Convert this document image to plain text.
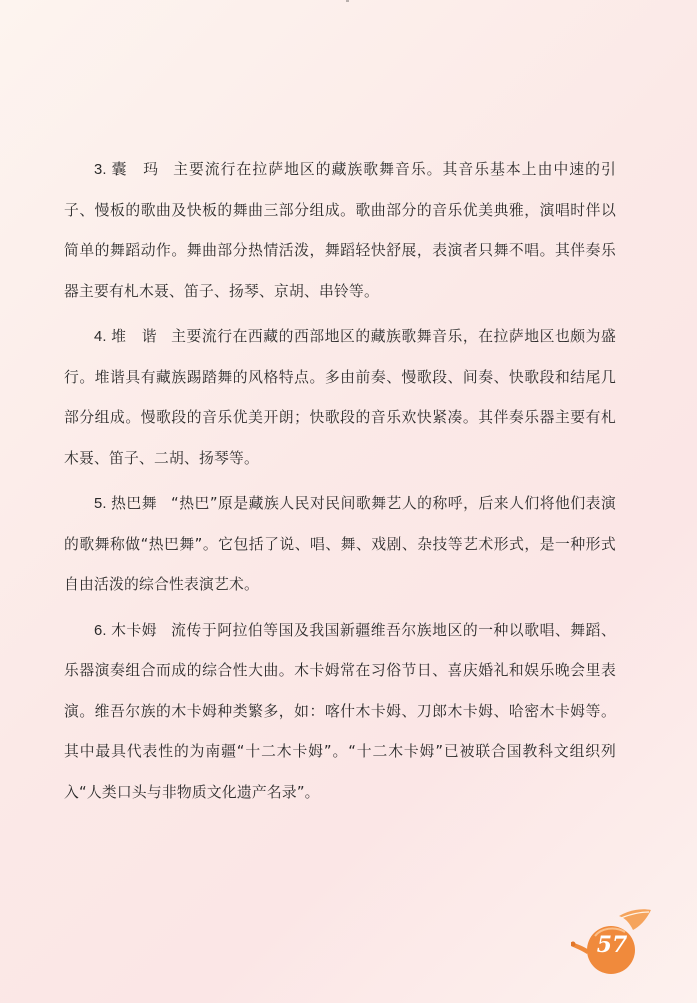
3. 囊　玛 主要流行在拉萨地区的藏族歌舞音乐。其音乐基本上由中速的引子、慢板的歌曲及快板的舞曲三部分组成。歌曲部分的音乐优美典雅，演唱时伴以简单的舞蹈动作。舞曲部分热情活泼，舞蹈轻快舒展，表演者只舞不唱。其伴奏乐器主要有札木聂、笛子、扬琴、京胡、串铃等。

4. 堆　谐 主要流行在西藏的西部地区的藏族歌舞音乐，在拉萨地区也颇为盛行。堆谐具有藏族踢踏舞的风格特点。多由前奏、慢歌段、间奏、快歌段和结尾几部分组成。慢歌段的音乐优美开朗；快歌段的音乐欢快紧凑。其伴奏乐器主要有札木聂、笛子、二胡、扬琴等。

5. 热巴舞 “热巴”原是藏族人民对民间歌舞艺人的称呼，后来人们将他们表演的歌舞称做“热巴舞”。它包括了说、唱、舞、戏剧、杂技等艺术形式，是一种形式自由活泼的综合性表演艺术。

6. 木卡姆 流传于阿拉伯等国及我国新疆维吾尔族地区的一种以歌唱、舞蹈、乐器演奏组合而成的综合性大曲。木卡姆常在习俗节日、喜庆婚礼和娱乐晚会里表演。维吾尔族的木卡姆种类繁多，如：喀什木卡姆、刀郎木卡姆、哈密木卡姆等。其中最具代表性的为南疆“十二木卡姆”。“十二木卡姆”已被联合国教科文组织列入“人类口头与非物质文化遗产名录”。

57
